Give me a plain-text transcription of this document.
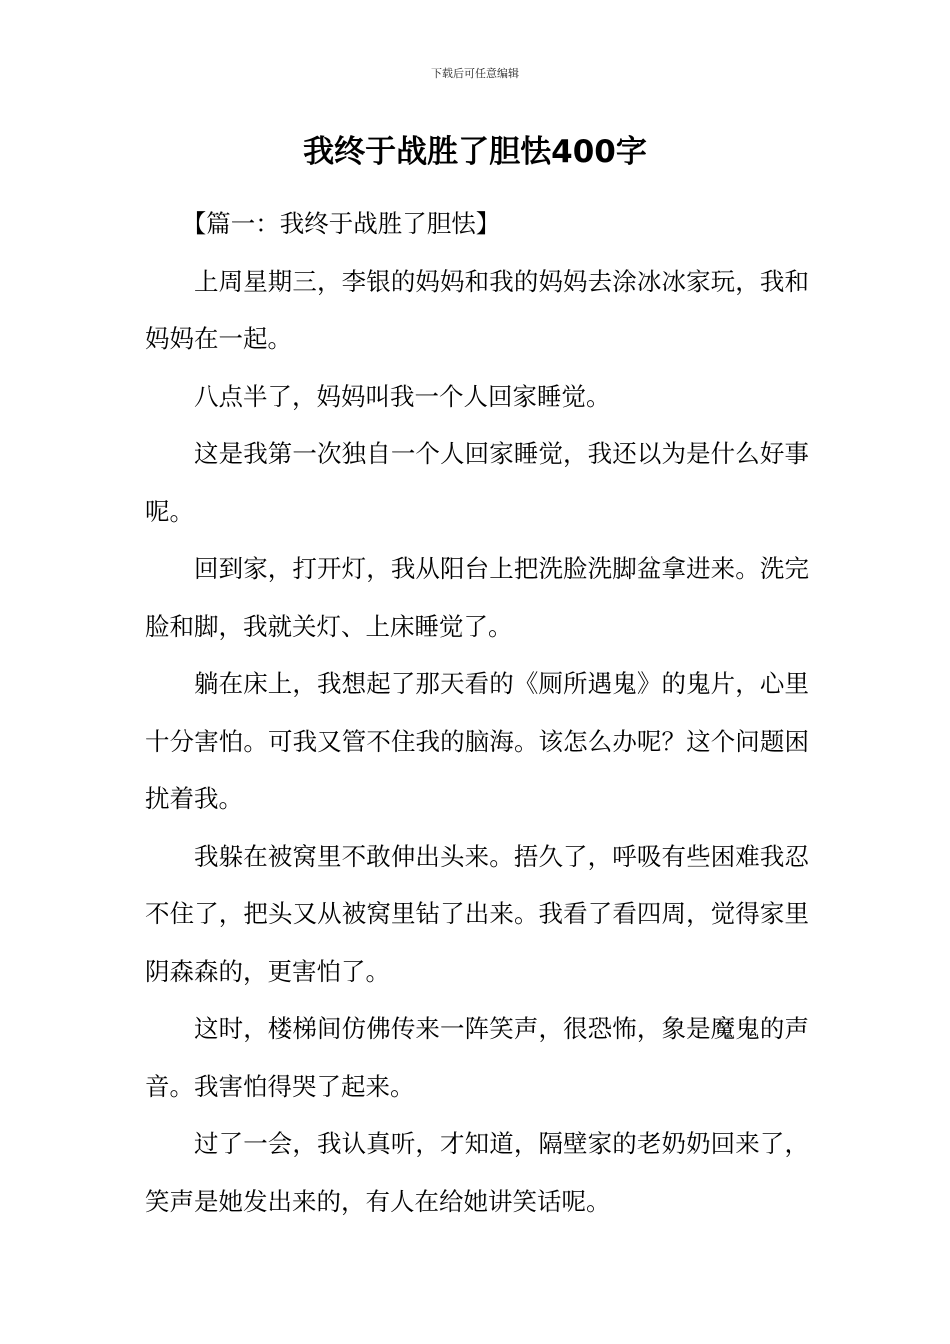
下载后可任意编辑
我终于战胜了胆怯400字

【篇一：我终于战胜了胆怯】

上周星期三，李银的妈妈和我的妈妈去涂冰冰家玩，我和妈妈在一起。

八点半了，妈妈叫我一个人回家睡觉。

这是我第一次独自一个人回家睡觉，我还以为是什么好事呢。

回到家，打开灯，我从阳台上把洗脸洗脚盆拿进来。洗完脸和脚，我就关灯、上床睡觉了。

躺在床上，我想起了那天看的《厕所遇鬼》的鬼片，心里十分害怕。可我又管不住我的脑海。该怎么办呢？这个问题困扰着我。

我躲在被窝里不敢伸出头来。捂久了，呼吸有些困难我忍不住了，把头又从被窝里钻了出来。我看了看四周，觉得家里阴森森的，更害怕了。

这时，楼梯间仿佛传来一阵笑声，很恐怖，象是魔鬼的声音。我害怕得哭了起来。

过了一会，我认真听，才知道，隔壁家的老奶奶回来了，笑声是她发出来的，有人在给她讲笑话呢。
